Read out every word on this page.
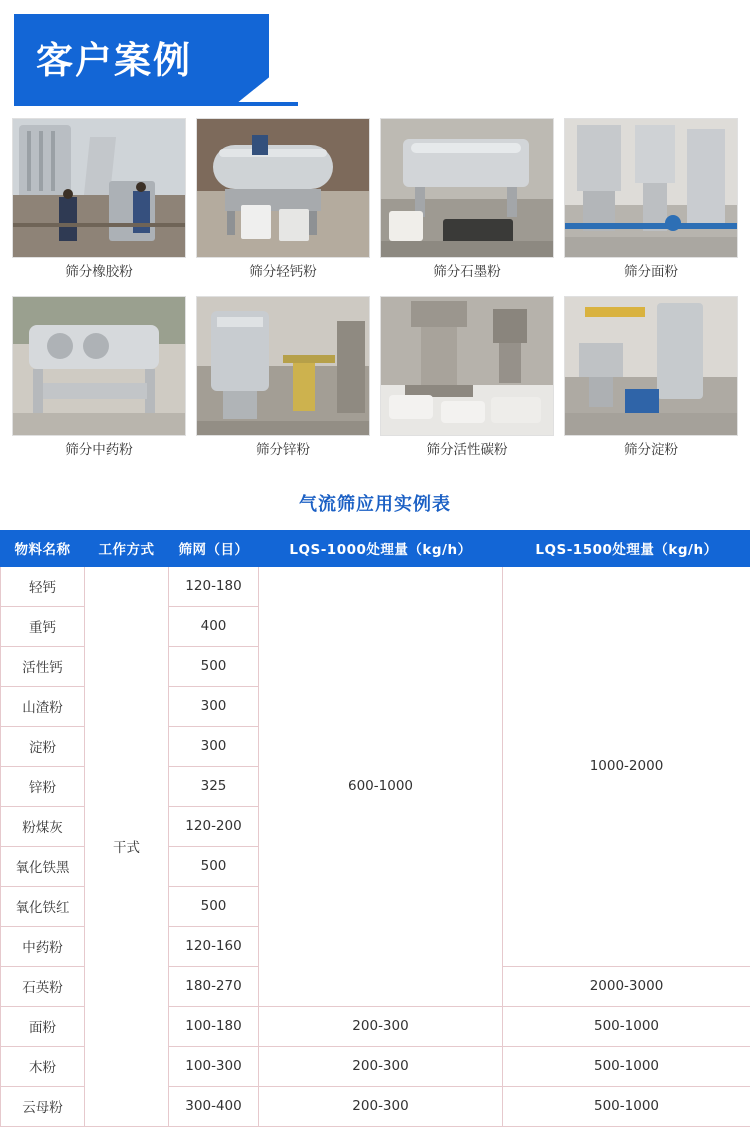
客户案例
筛分橡胶粉	筛分轻钙粉	筛分石墨粉	筛分面粉
筛分中药粉	筛分锌粉	筛分活性碳粉	筛分淀粉
气流筛应用实例表
物料名称	工作方式	筛网（目）	LQS-1000处理量（kg/h）	LQS-1500处理量（kg/h）
轻钙	干式	120-180	600-1000	1000-2000
重钙		400		
活性钙		500		
山渣粉		300		
淀粉		300		
锌粉		325		
粉煤灰		120-200		
氧化铁黑		500		
氧化铁红		500		
中药粉		120-160		
石英粉		180-270		2000-3000
面粉		100-180	200-300	500-1000
木粉		100-300	200-300	500-1000
云母粉		300-400	200-300	500-1000
